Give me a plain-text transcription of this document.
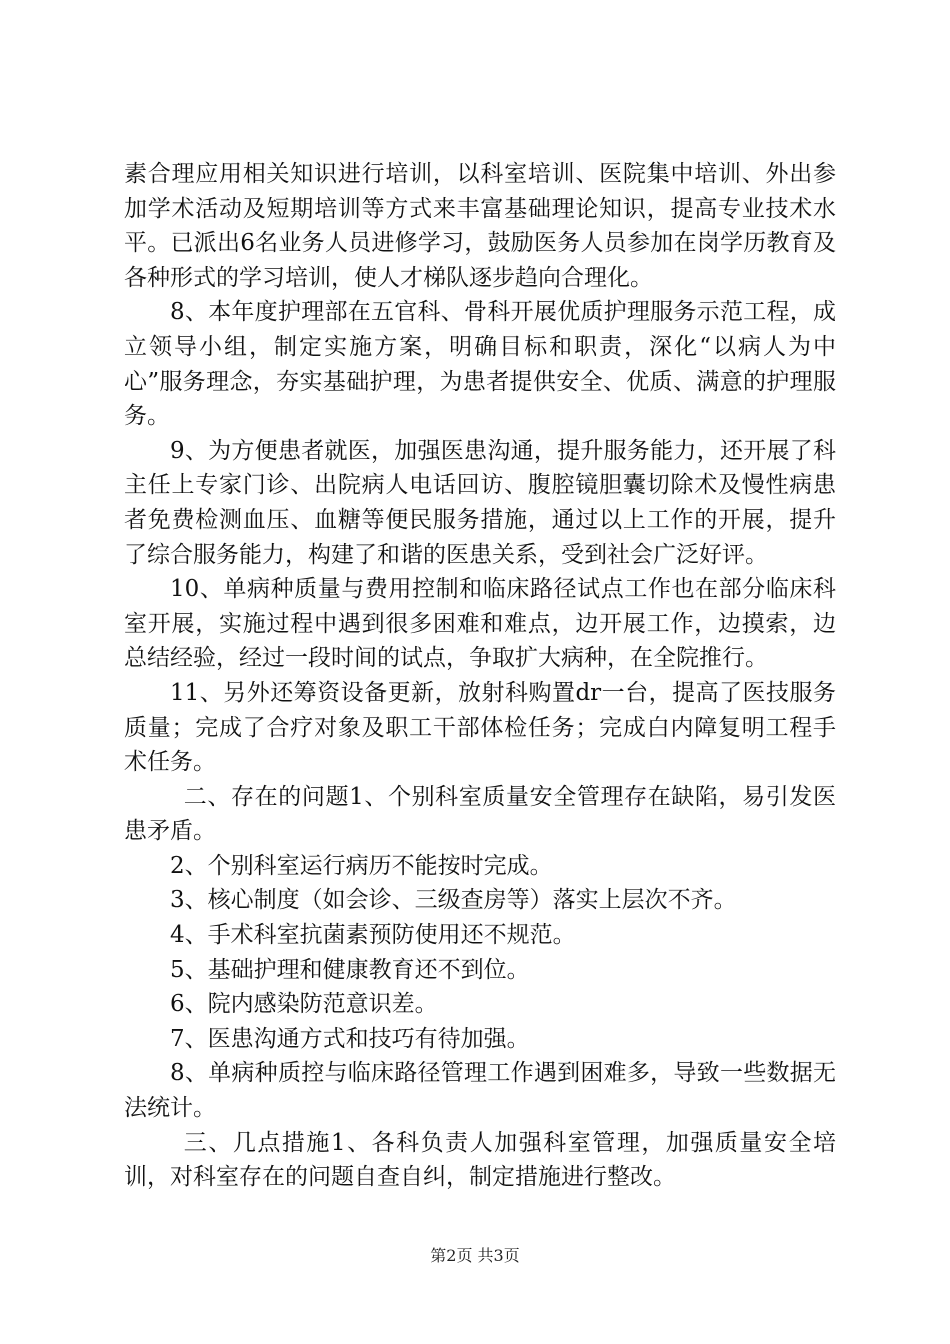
素合理应用相关知识进行培训，以科室培训、医院集中培训、外出参加学术活动及短期培训等方式来丰富基础理论知识，提高专业技术水平。已派出6名业务人员进修学习，鼓励医务人员参加在岗学历教育及各种形式的学习培训，使人才梯队逐步趋向合理化。

8、本年度护理部在五官科、骨科开展优质护理服务示范工程，成立领导小组，制定实施方案，明确目标和职责，深化“以病人为中心”服务理念，夯实基础护理，为患者提供安全、优质、满意的护理服务。

9、为方便患者就医，加强医患沟通，提升服务能力，还开展了科主任上专家门诊、出院病人电话回访、腹腔镜胆囊切除术及慢性病患者免费检测血压、血糖等便民服务措施，通过以上工作的开展，提升了综合服务能力，构建了和谐的医患关系，受到社会广泛好评。

10、单病种质量与费用控制和临床路径试点工作也在部分临床科室开展，实施过程中遇到很多困难和难点，边开展工作，边摸索，边总结经验，经过一段时间的试点，争取扩大病种，在全院推行。

11、另外还筹资设备更新，放射科购置dr一台，提高了医技服务质量；完成了合疗对象及职工干部体检任务；完成白内障复明工程手术任务。

二、存在的问题1、个别科室质量安全管理存在缺陷，易引发医患矛盾。

2、个别科室运行病历不能按时完成。

3、核心制度（如会诊、三级查房等）落实上层次不齐。

4、手术科室抗菌素预防使用还不规范。

5、基础护理和健康教育还不到位。

6、院内感染防范意识差。

7、医患沟通方式和技巧有待加强。

8、单病种质控与临床路径管理工作遇到困难多，导致一些数据无法统计。

三、几点措施1、各科负责人加强科室管理，加强质量安全培训，对科室存在的问题自查自纠，制定措施进行整改。

第2页 共3页
